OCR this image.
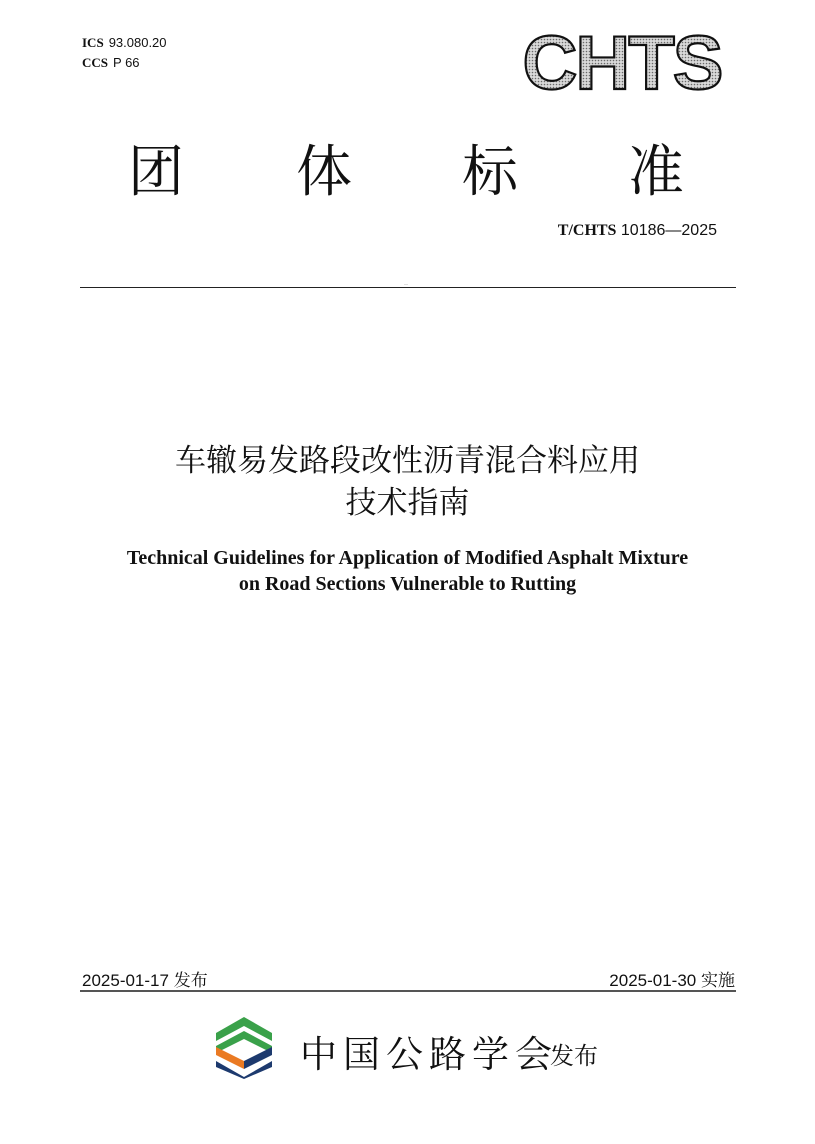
ICS 93.080.20
CCS P 66	CHTS
团 体 标 准
T/CHTS 10186—2025
··
车辙易发路段改性沥青混合料应用
技术指南
Technical Guidelines for Application of Modified Asphalt Mixture
on Road Sections Vulnerable to Rutting
2025-01-17 发布	2025-01-30 实施
中国公路学会
发布
